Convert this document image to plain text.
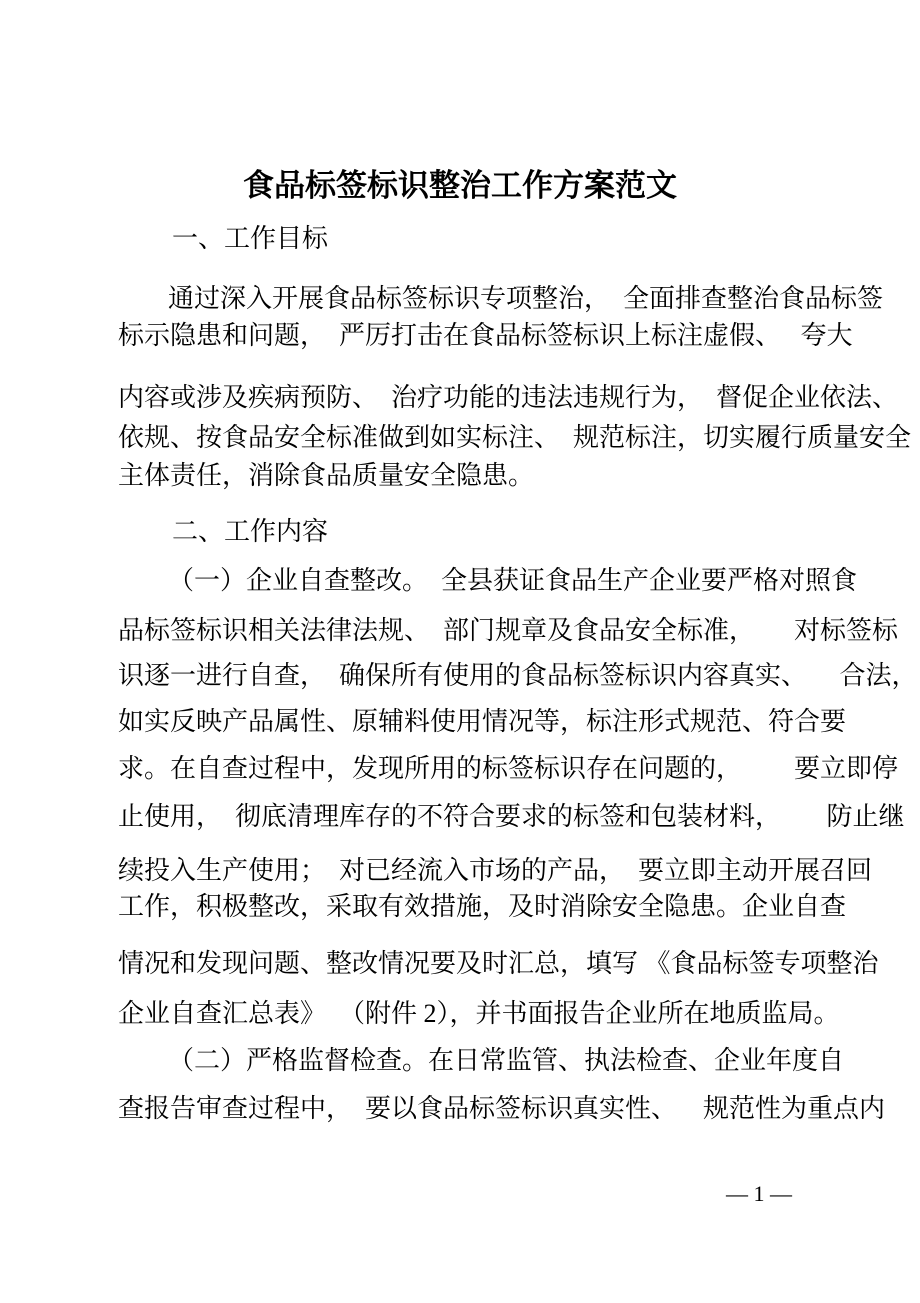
食品标签标识整治工作方案范文
一、工作目标
通过深入开展食品标签标识专项整治，  全面排查整治食品标签
标示隐患和问题，  严厉打击在食品标签标识上标注虚假、   夸大
内容或涉及疾病预防、  治疗功能的违法违规行为，  督促企业依法、
依规、按食品安全标准做到如实标注、  规范标注，切实履行质量安全
主体责任，消除食品质量安全隐患。
二、工作内容
（一）企业自查整改。  全县获证食品生产企业要严格对照食
品标签标识相关法律法规、  部门规章及食品安全标准，      对标签标
识逐一进行自查，  确保所有使用的食品标签标识内容真实、     合法，
如实反映产品属性、原辅料使用情况等，标注形式规范、符合要
求。在自查过程中，发现所用的标签标识存在问题的，        要立即停
止使用，  彻底清理库存的不符合要求的标签和包装材料，       防止继
续投入生产使用；  对已经流入市场的产品，  要立即主动开展召回
工作，积极整改，采取有效措施，及时消除安全隐患。企业自查
情况和发现问题、整改情况要及时汇总，填写 《食品标签专项整治
企业自查汇总表》  （附件 2），并书面报告企业所在地质监局。
（二）严格监督检查。在日常监管、执法检查、企业年度自
查报告审查过程中，  要以食品标签标识真实性、    规范性为重点内
— 1 —
